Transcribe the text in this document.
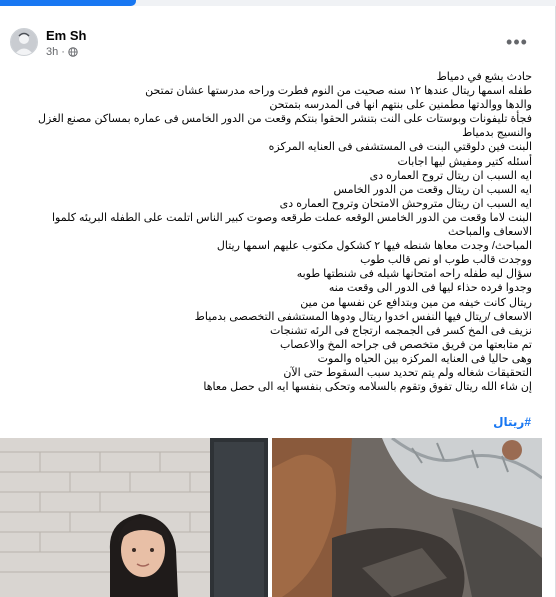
Em Sh
3h ·	•••
حادث بشع في دمياط
طفله اسمها ريتال عندها ١٢ سنه صحيت من النوم فطرت وراحه مدرستها عشان تمتحن
والدها ووالدتها مطمنين على بنتهم انها فى المدرسه بتمتحن
فجأة تليفونات وبوستات على النت بتنشر الحقوا بنتكم وقعت من الدور الخامس فى عماره بمساكن مصنع الغزل والنسيج بدمياط
البنت فين دلوقتي البنت فى المستشفى فى العنايه المركزه
أسئله كتير ومفيش ليها اجابات
ايه السبب ان ريتال تروح العماره دى
ايه السبب ان ريتال وقعت من الدور الخامس
ايه السبب ان ريتال متروحش الامتحان وتروح العماره دى
البنت لاما وقعت من الدور الخامس الوقعه عملت طرقعه وصوت كبير الناس اتلمت على الطفله البريئه كلموا الاسعاف والمباحث
المباحث/ وجدت معاها شنطه فيها ٢ كشكول مكتوب عليهم اسمها ريتال
ووجدت قالب طوب او نص قالب طوب
سؤال ليه طفله راحه امتحانها شيله فى شنطتها طوبه
وجدوا فرده حذاء ليها فى الدور الى وقعت منه
ريتال كانت خيفه من مين وبتدافع عن نفسها من مين
الاسعاف /ريتال فيها النفس اخدوا ريتال ودوها المستشفى التخصصى بدمياط
نزيف فى المخ كسر فى الجمجمه ارتجاج فى الرئه تشنجات
تم متابعتها من فريق متخصص فى جراحه المخ والاعصاب
وهى حاليا فى العنايه المركزه بين الحياه والموت
التحقيقات شغاله ولم يتم تحديد سبب السقوط حتى الآن
إن شاء الله ريتال تفوق وتقوم بالسلامه وتحكى بنفسها ايه الى حصل معاها
#ريتال
